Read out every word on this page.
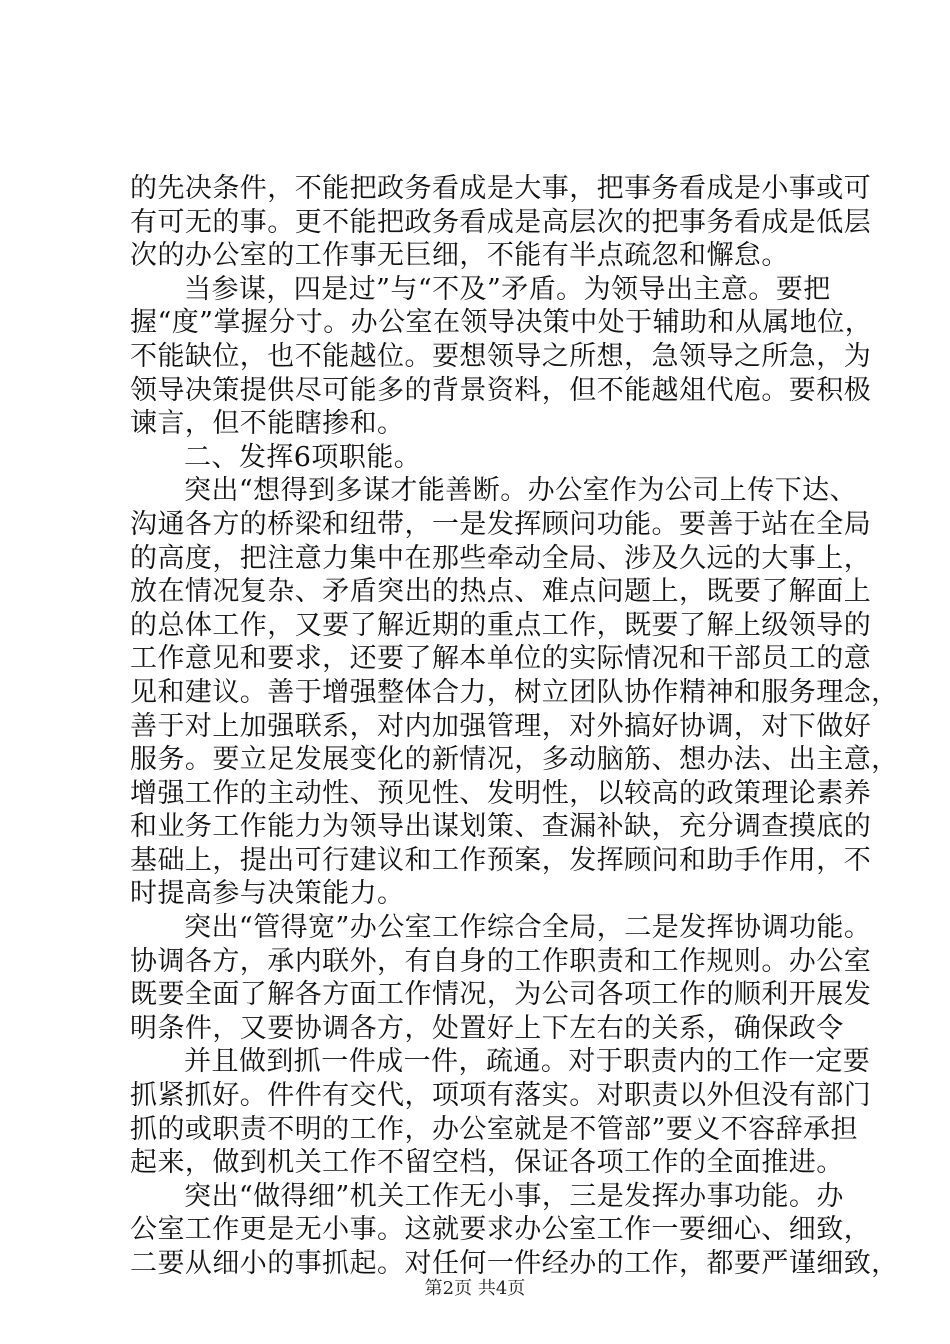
的先决条件，不能把政务看成是大事，把事务看成是小事或可
有可无的事。更不能把政务看成是高层次的把事务看成是低层
次的办公室的工作事无巨细，不能有半点疏忽和懈怠。
当参谋，四是过”与“不及”矛盾。为领导出主意。要把
握“度”掌握分寸。办公室在领导决策中处于辅助和从属地位，
不能缺位，也不能越位。要想领导之所想，急领导之所急，为
领导决策提供尽可能多的背景资料，但不能越俎代庖。要积极
谏言，但不能瞎掺和。
二、发挥6项职能。
突出“想得到多谋才能善断。办公室作为公司上传下达、
沟通各方的桥梁和纽带，一是发挥顾问功能。要善于站在全局
的高度，把注意力集中在那些牵动全局、涉及久远的大事上，
放在情况复杂、矛盾突出的热点、难点问题上，既要了解面上
的总体工作，又要了解近期的重点工作，既要了解上级领导的
工作意见和要求，还要了解本单位的实际情况和干部员工的意
见和建议。善于增强整体合力，树立团队协作精神和服务理念，
善于对上加强联系，对内加强管理，对外搞好协调，对下做好
服务。要立足发展变化的新情况，多动脑筋、想办法、出主意，
增强工作的主动性、预见性、发明性，以较高的政策理论素养
和业务工作能力为领导出谋划策、查漏补缺，充分调查摸底的
基础上，提出可行建议和工作预案，发挥顾问和助手作用，不
时提高参与决策能力。
突出“管得宽”办公室工作综合全局，二是发挥协调功能。
协调各方，承内联外，有自身的工作职责和工作规则。办公室
既要全面了解各方面工作情况，为公司各项工作的顺利开展发
明条件，又要协调各方，处置好上下左右的关系，确保政令
并且做到抓一件成一件，疏通。对于职责内的工作一定要
抓紧抓好。件件有交代，项项有落实。对职责以外但没有部门
抓的或职责不明的工作，办公室就是不管部”要义不容辞承担
起来，做到机关工作不留空档，保证各项工作的全面推进。
突出“做得细”机关工作无小事，三是发挥办事功能。办
公室工作更是无小事。这就要求办公室工作一要细心、细致，
二要从细小的事抓起。对任何一件经办的工作，都要严谨细致，
第2页 共4页
